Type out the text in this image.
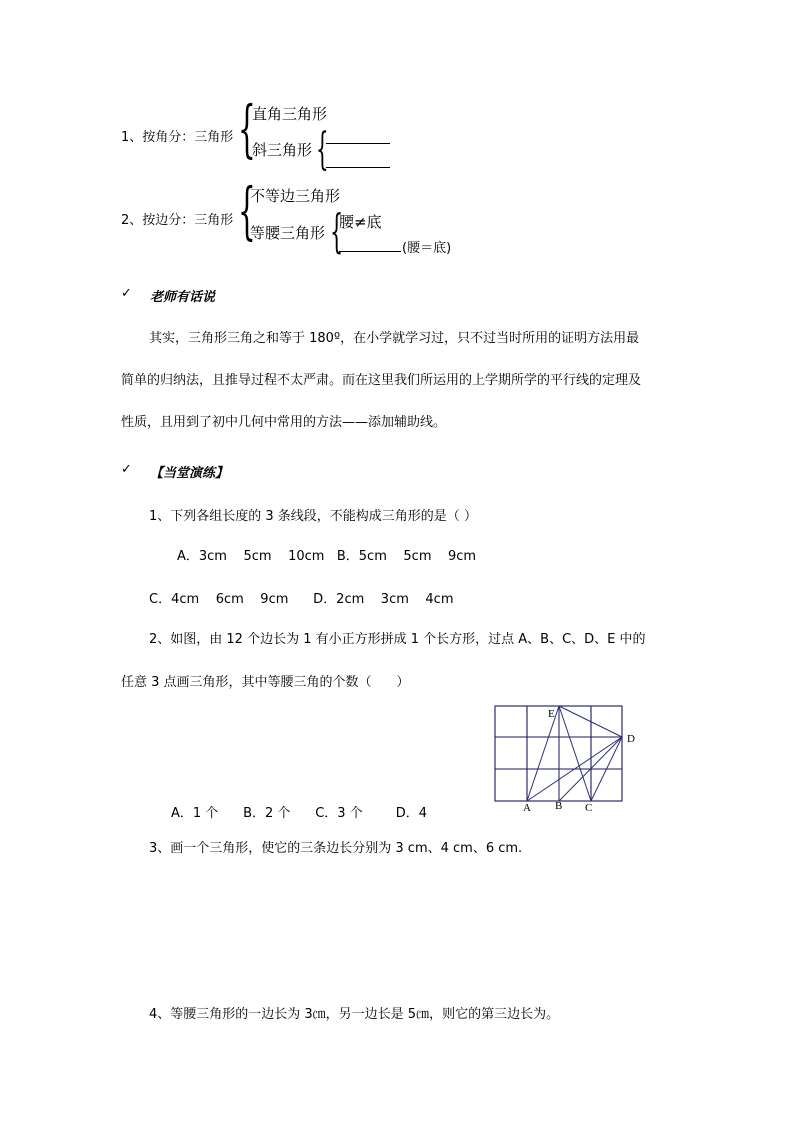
1、按角分：三角形 {
直角三角形
斜三角形 {
2、按边分：三角形 {
不等边三角形
等腰三角形 {
腰≠底
(腰＝底)
✓ 老师有话说
其实，三角形三角之和等于 180º，在小学就学习过，只不过当时所用的证明方法用最
简单的归纳法，且推导过程不太严肃。而在这里我们所运用的上学期所学的平行线的定理及
性质，且用到了初中几何中常用的方法——添加辅助线。
✓ 【当堂演练】
1、下列各组长度的 3 条线段，不能构成三角形的是（ ）
A．3cm    5cm    10cm   B．5cm    5cm    9cm
C．4cm    6cm    9cm      D．2cm    3cm    4cm
2、如图，由 12 个边长为 1 有小正方形拼成 1 个长方形，过点 A、B、C、D、E 中的
任意 3 点画三角形，其中等腰三角的个数（      ）
E
D
A B C
A．1 个      B．2 个      C．3 个        D．4
3、画一个三角形，使它的三条边长分别为 3 cm、4 cm、6 cm.
4、等腰三角形的一边长为 3㎝，另一边长是 5㎝，则它的第三边长为。
